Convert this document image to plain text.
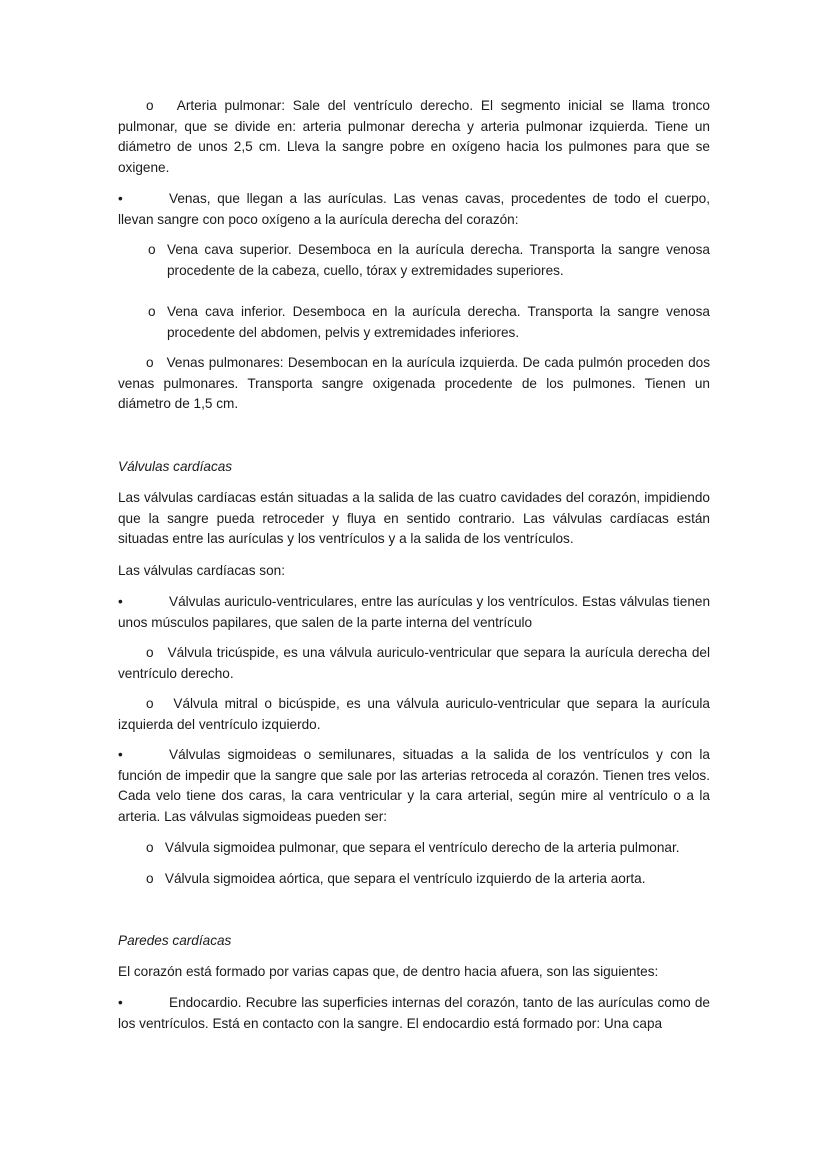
o Arteria pulmonar: Sale del ventrículo derecho. El segmento inicial se llama tronco pulmonar, que se divide en: arteria pulmonar derecha y arteria pulmonar izquierda. Tiene un diámetro de unos 2,5 cm. Lleva la sangre pobre en oxígeno hacia los pulmones para que se oxigene.

•	Venas, que llegan a las aurículas. Las venas cavas, procedentes de todo el cuerpo, llevan sangre con poco oxígeno a la aurícula derecha del corazón:

o Vena cava superior. Desemboca en la aurícula derecha. Transporta la sangre venosa procedente de la cabeza, cuello, tórax y extremidades superiores.
o Vena cava inferior. Desemboca en la aurícula derecha. Transporta la sangre venosa procedente del abdomen, pelvis y extremidades inferiores.

o Venas pulmonares: Desembocan en la aurícula izquierda. De cada pulmón proceden dos venas pulmonares. Transporta sangre oxigenada procedente de los pulmones. Tienen un diámetro de 1,5 cm.

Válvulas cardíacas

Las válvulas cardíacas están situadas a la salida de las cuatro cavidades del corazón, impidiendo que la sangre pueda retroceder y fluya en sentido contrario. Las válvulas cardíacas están situadas entre las aurículas y los ventrículos y a la salida de los ventrículos.

Las válvulas cardíacas son:

•	Válvulas auriculo-ventriculares, entre las aurículas y los ventrículos. Estas válvulas tienen unos músculos papilares, que salen de la parte interna del ventrículo

o Válvula tricúspide, es una válvula auriculo-ventricular que separa la aurícula derecha del ventrículo derecho.

o Válvula mitral o bicúspide, es una válvula auriculo-ventricular que separa la aurícula izquierda del ventrículo izquierdo.

•	Válvulas sigmoideas o semilunares, situadas a la salida de los ventrículos y con la función de impedir que la sangre que sale por las arterias retroceda al corazón. Tienen tres velos. Cada velo tiene dos caras, la cara ventricular y la cara arterial, según mire al ventrículo o a la arteria. Las válvulas sigmoideas pueden ser:

o Válvula sigmoidea pulmonar, que separa el ventrículo derecho de la arteria pulmonar.

o Válvula sigmoidea aórtica, que separa el ventrículo izquierdo de la arteria aorta.

Paredes cardíacas

El corazón está formado por varias capas que, de dentro hacia afuera, son las siguientes:

•	Endocardio. Recubre las superficies internas del corazón, tanto de las aurículas como de los ventrículos. Está en contacto con la sangre. El endocardio está formado por: Una capa
